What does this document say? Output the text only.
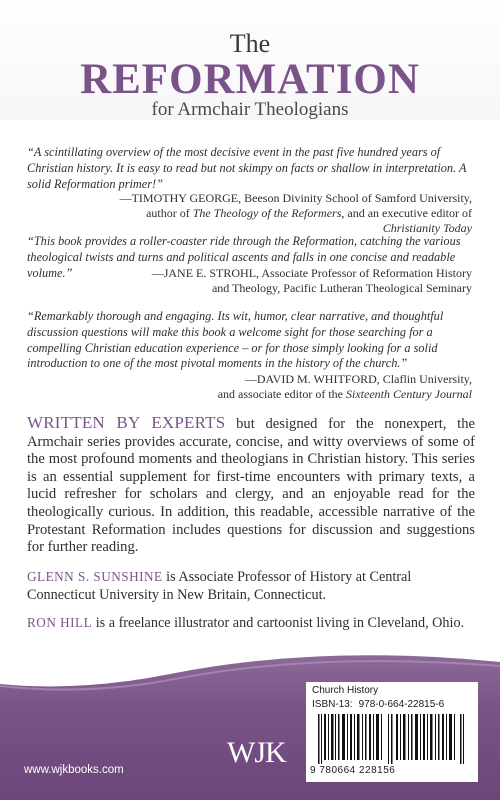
The
REFORMATION
for Armchair Theologians

“A scintillating overview of the most decisive event in the past five hundred years of Christian history. It is easy to read but not skimpy on facts or shallow in interpretation. A solid Reformation primer!”

—TIMOTHY GEORGE, Beeson Divinity School of Samford University,
author of The Theology of the Reformers, and an executive editor of Christianity Today

“This book provides a roller-coaster ride through the Reformation, catching the various theological twists and turns and political ascents and falls in one concise and readable volume.”	—JANE E. STROHL, Associate Professor of Reformation History
and Theology, Pacific Lutheran Theological Seminary

“Remarkably thorough and engaging. Its wit, humor, clear narrative, and thoughtful discussion questions will make this book a welcome sight for those searching for a compelling Christian education experience – or for those simply looking for a solid introduction to one of the most pivotal moments in the history of the church.”

—DAVID M. WHITFORD, Claflin University,
and associate editor of the Sixteenth Century Journal

WRITTEN BY EXPERTS but designed for the nonexpert, the Armchair series provides accurate, concise, and witty overviews of some of the most profound moments and theologians in Christian history. This series is an essential supplement for first-time encounters with primary texts, a lucid refresher for scholars and clergy, and an enjoyable read for the theologically curious. In addition, this readable, accessible narrative of the Protestant Reformation includes questions for discussion and suggestions for further reading.

GLENN S. SUNSHINE is Associate Professor of History at Central Connecticut University in New Britain, Connecticut.

RON HILL is a freelance illustrator and cartoonist living in Cleveland, Ohio.

www.wjkbooks.com
WJK
Church History
ISBN-13: 978-0-664-22815-6
9 780664 228156
